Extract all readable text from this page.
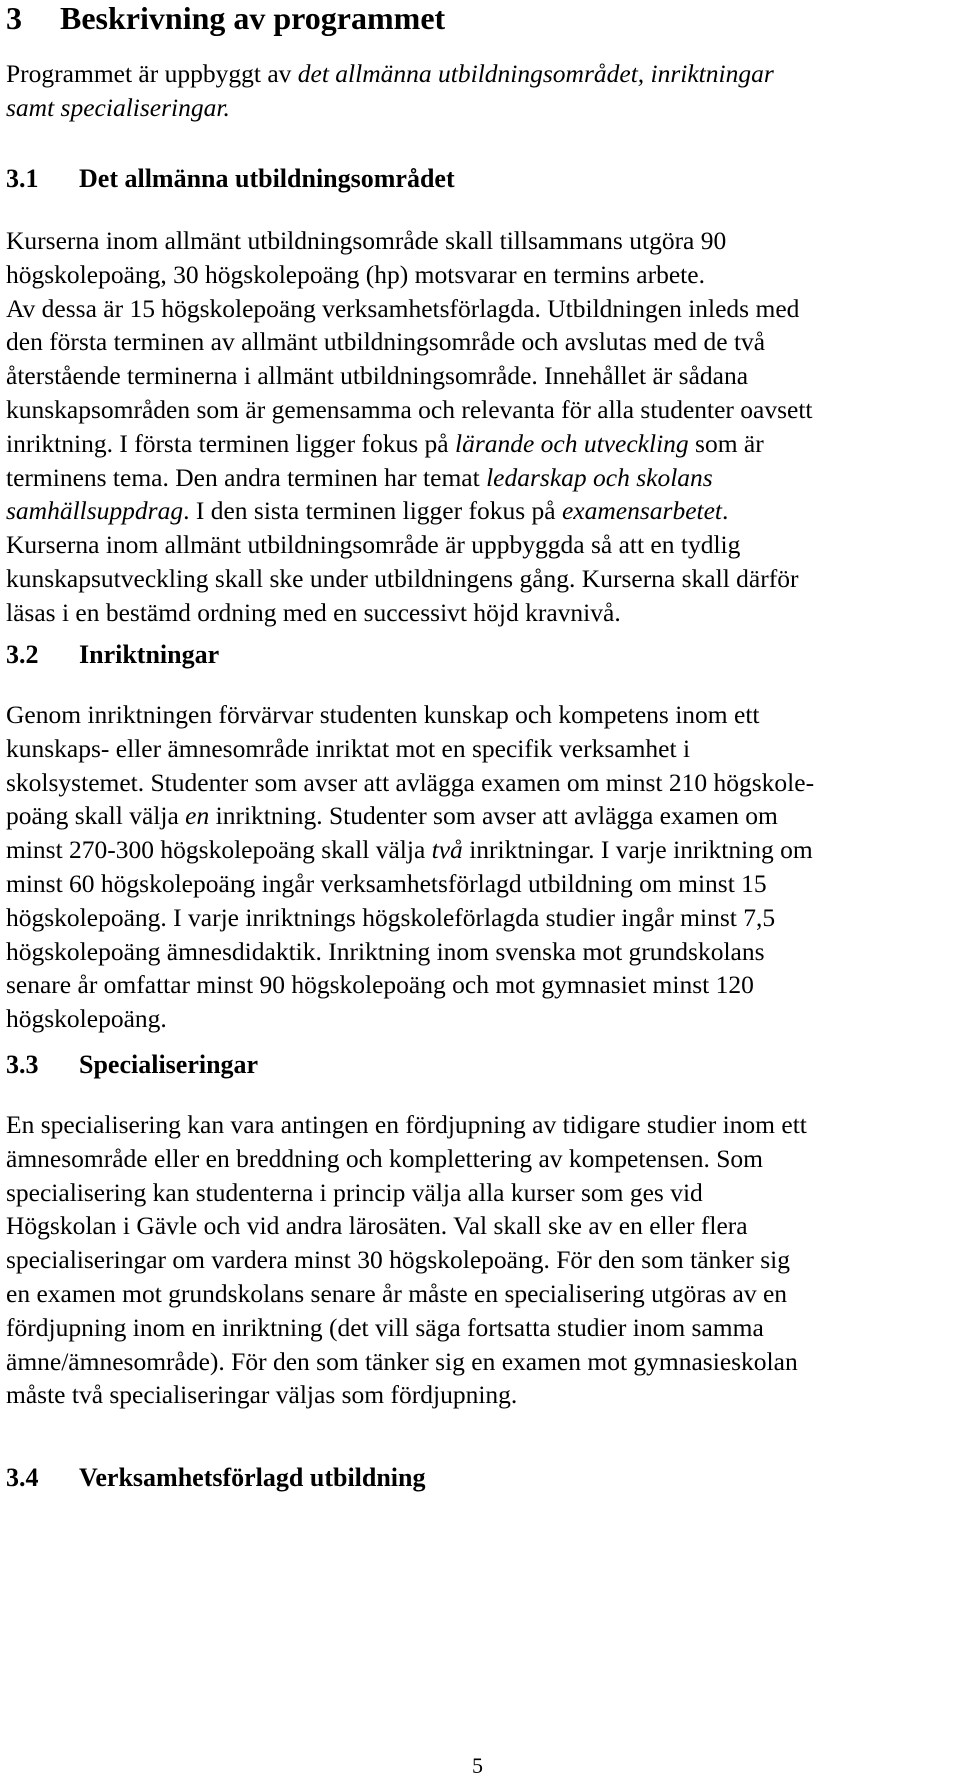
3 Beskrivning av programmet

Programmet är uppbyggt av det allmänna utbildningsområdet, inriktningar
samt specialiseringar.

3.1 Det allmänna utbildningsområdet

Kurserna inom allmänt utbildningsområde skall tillsammans utgöra 90
högskolepoäng, 30 högskolepoäng (hp) motsvarar en termins arbete.
Av dessa är 15 högskolepoäng verksamhetsförlagda. Utbildningen inleds med
den första terminen av allmänt utbildningsområde och avslutas med de två
återstående terminerna i allmänt utbildningsområde. Innehållet är sådana
kunskapsområden som är gemensamma och relevanta för alla studenter oavsett
inriktning. I första terminen ligger fokus på lärande och utveckling som är
terminens tema. Den andra terminen har temat ledarskap och skolans
samhällsuppdrag. I den sista terminen ligger fokus på examensarbetet.
Kurserna inom allmänt utbildningsområde är uppbyggda så att en tydlig
kunskapsutveckling skall ske under utbildningens gång. Kurserna skall därför
läsas i en bestämd ordning med en successivt höjd kravnivå.

3.2 Inriktningar

Genom inriktningen förvärvar studenten kunskap och kompetens inom ett
kunskaps- eller ämnesområde inriktat mot en specifik verksamhet i
skolsystemet. Studenter som avser att avlägga examen om minst 210 högskole-
poäng skall välja en inriktning. Studenter som avser att avlägga examen om
minst 270-300 högskolepoäng skall välja två inriktningar. I varje inriktning om
minst 60 högskolepoäng ingår verksamhetsförlagd utbildning om minst 15
högskolepoäng. I varje inriktnings högskoleförlagda studier ingår minst 7,5
högskolepoäng ämnesdidaktik. Inriktning inom svenska mot grundskolans
senare år omfattar minst 90 högskolepoäng och mot gymnasiet minst 120
högskolepoäng.

3.3 Specialiseringar

En specialisering kan vara antingen en fördjupning av tidigare studier inom ett
ämnesområde eller en breddning och komplettering av kompetensen. Som
specialisering kan studenterna i princip välja alla kurser som ges vid
Högskolan i Gävle och vid andra lärosäten. Val skall ske av en eller flera
specialiseringar om vardera minst 30 högskolepoäng. För den som tänker sig
en examen mot grundskolans senare år måste en specialisering utgöras av en
fördjupning inom en inriktning (det vill säga fortsatta studier inom samma
ämne/ämnesområde). För den som tänker sig en examen mot gymnasieskolan
måste två specialiseringar väljas som fördjupning.

3.4 Verksamhetsförlagd utbildning
5
